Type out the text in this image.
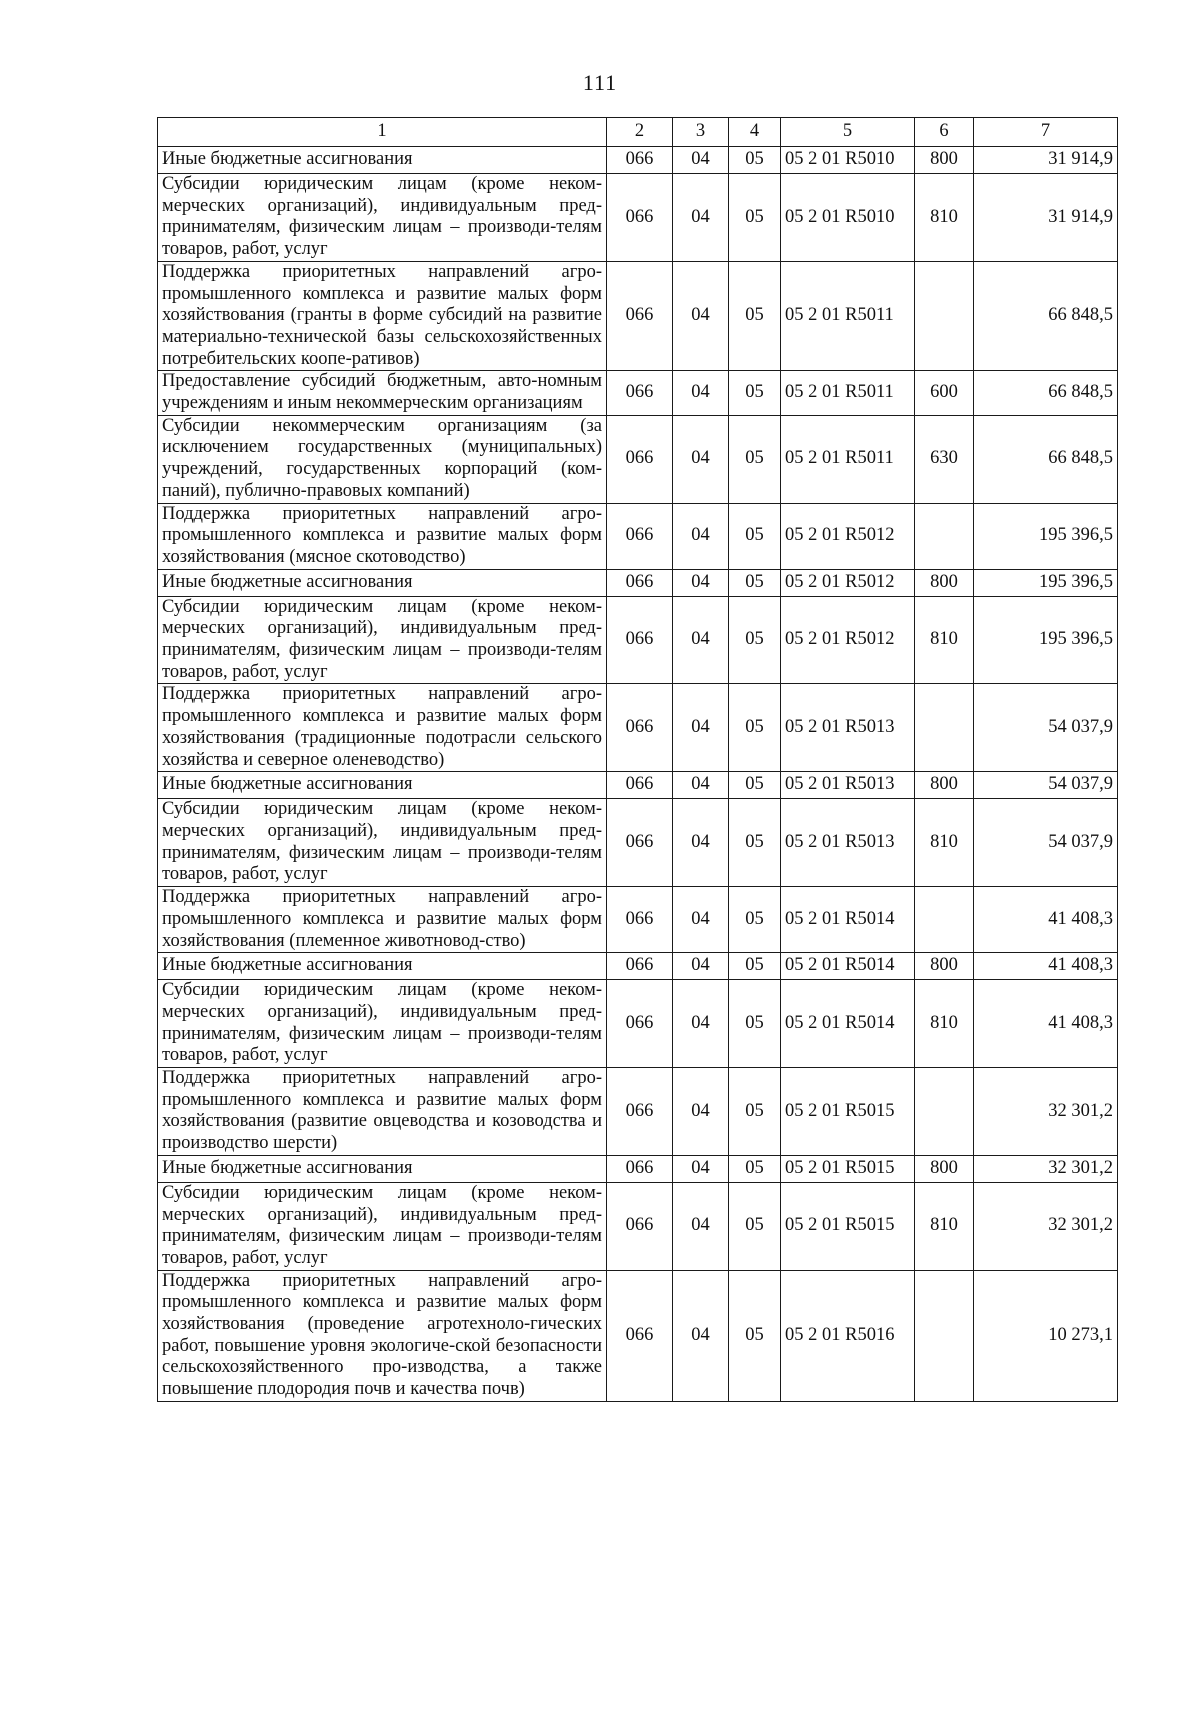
111
1	2	3	4	5	6	7
Иные бюджетные ассигнования	066	04	05	05 2 01 R5010	800	31 914,9
Субсидии юридическим лицам (кроме неком-мерческих организаций), индивидуальным пред-принимателям, физическим лицам – производи-телям товаров, работ, услуг	066	04	05	05 2 01 R5010	810	31 914,9
Поддержка приоритетных направлений агро-промышленного комплекса и развитие малых форм хозяйствования (гранты в форме субсидий на развитие материально-технической базы сельскохозяйственных потребительских коопе-ративов)	066	04	05	05 2 01 R5011		66 848,5
Предоставление субсидий бюджетным, авто-номным учреждениям и иным некоммерческим организациям	066	04	05	05 2 01 R5011	600	66 848,5
Субсидии некоммерческим организациям (за исключением государственных (муниципальных) учреждений, государственных корпораций (ком-паний), публично-правовых компаний)	066	04	05	05 2 01 R5011	630	66 848,5
Поддержка приоритетных направлений агро-промышленного комплекса и развитие малых форм хозяйствования (мясное скотоводство)	066	04	05	05 2 01 R5012		195 396,5
Иные бюджетные ассигнования	066	04	05	05 2 01 R5012	800	195 396,5
Субсидии юридическим лицам (кроме неком-мерческих организаций), индивидуальным пред-принимателям, физическим лицам – производи-телям товаров, работ, услуг	066	04	05	05 2 01 R5012	810	195 396,5
Поддержка приоритетных направлений агро-промышленного комплекса и развитие малых форм хозяйствования (традиционные подотрасли сельского хозяйства и северное оленеводство)	066	04	05	05 2 01 R5013		54 037,9
Иные бюджетные ассигнования	066	04	05	05 2 01 R5013	800	54 037,9
Субсидии юридическим лицам (кроме неком-мерческих организаций), индивидуальным пред-принимателям, физическим лицам – производи-телям товаров, работ, услуг	066	04	05	05 2 01 R5013	810	54 037,9
Поддержка приоритетных направлений агро-промышленного комплекса и развитие малых форм хозяйствования (племенное животновод-ство)	066	04	05	05 2 01 R5014		41 408,3
Иные бюджетные ассигнования	066	04	05	05 2 01 R5014	800	41 408,3
Субсидии юридическим лицам (кроме неком-мерческих организаций), индивидуальным пред-принимателям, физическим лицам – производи-телям товаров, работ, услуг	066	04	05	05 2 01 R5014	810	41 408,3
Поддержка приоритетных направлений агро-промышленного комплекса и развитие малых форм хозяйствования (развитие овцеводства и козоводства и производство шерсти)	066	04	05	05 2 01 R5015		32 301,2
Иные бюджетные ассигнования	066	04	05	05 2 01 R5015	800	32 301,2
Субсидии юридическим лицам (кроме неком-мерческих организаций), индивидуальным пред-принимателям, физическим лицам – производи-телям товаров, работ, услуг	066	04	05	05 2 01 R5015	810	32 301,2
Поддержка приоритетных направлений агро-промышленного комплекса и развитие малых форм хозяйствования (проведение агротехноло-гических работ, повышение уровня экологиче-ской безопасности сельскохозяйственного про-изводства, а также повышение плодородия почв и качества почв)	066	04	05	05 2 01 R5016		10 273,1
